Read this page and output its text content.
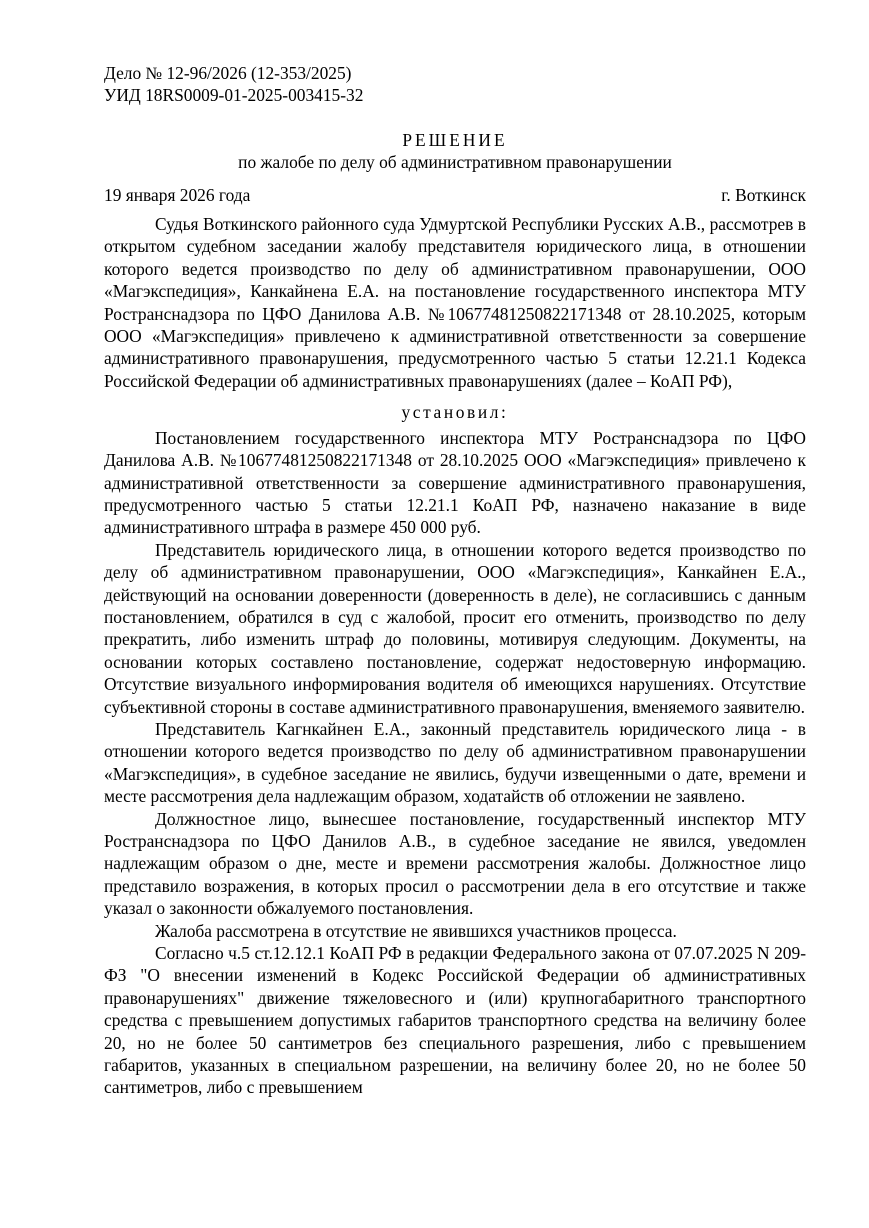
Дело № 12-96/2026 (12-353/2025)
УИД 18RS0009-01-2025-003415-32
РЕШЕНИЕ
по жалобе по делу об административном правонарушении
19 января 2026 года	г. Воткинск

Судья Воткинского районного суда Удмуртской Республики Русских А.В., рассмотрев в открытом судебном заседании жалобу представителя юридического лица, в отношении которого ведется производство по делу об административном правонарушении, ООО «Магэкспедиция», Канкайнена Е.А. на постановление государственного инспектора МТУ Ространснадзора по ЦФО Данилова А.В. №10677481250822171348 от 28.10.2025, которым ООО «Магэкспедиция» привлечено к административной ответственности за совершение административного правонарушения, предусмотренного частью 5 статьи 12.21.1 Кодекса Российской Федерации об административных правонарушениях (далее – КоАП РФ),

установил:

Постановлением государственного инспектора МТУ Ространснадзора по ЦФО Данилова А.В. №10677481250822171348 от 28.10.2025 ООО «Магэкспедиция» привлечено к административной ответственности за совершение административного правонарушения, предусмотренного частью 5 статьи 12.21.1 КоАП РФ, назначено наказание в виде административного штрафа в размере 450 000 руб.

Представитель юридического лица, в отношении которого ведется производство по делу об административном правонарушении, ООО «Магэкспедиция», Канкайнен Е.А., действующий на основании доверенности (доверенность в деле), не согласившись с данным постановлением, обратился в суд с жалобой, просит его отменить, производство по делу прекратить, либо изменить штраф до половины, мотивируя следующим. Документы, на основании которых составлено постановление, содержат недостоверную информацию. Отсутствие визуального информирования водителя об имеющихся нарушениях. Отсутствие субъективной стороны в составе административного правонарушения, вменяемого заявителю.

Представитель Кагнкайнен Е.А., законный представитель юридического лица - в отношении которого ведется производство по делу об административном правонарушении «Магэкспедиция», в судебное заседание не явились, будучи извещенными о дате, времени и месте рассмотрения дела надлежащим образом, ходатайств об отложении не заявлено.

Должностное лицо, вынесшее постановление, государственный инспектор МТУ Ространснадзора по ЦФО Данилов А.В., в судебное заседание не явился, уведомлен надлежащим образом о дне, месте и времени рассмотрения жалобы. Должностное лицо представило возражения, в которых просил о рассмотрении дела в его отсутствие и также указал о законности обжалуемого постановления.

Жалоба рассмотрена в отсутствие не явившихся участников процесса.

Согласно ч.5 ст.12.12.1 КоАП РФ в редакции Федерального закона от 07.07.2025 N 209-ФЗ "О внесении изменений в Кодекс Российской Федерации об административных правонарушениях" движение тяжеловесного и (или) крупногабаритного транспортного средства с превышением допустимых габаритов транспортного средства на величину более 20, но не более 50 сантиметров без специального разрешения, либо с превышением габаритов, указанных в специальном разрешении, на величину более 20, но не более 50 сантиметров, либо с превышением
